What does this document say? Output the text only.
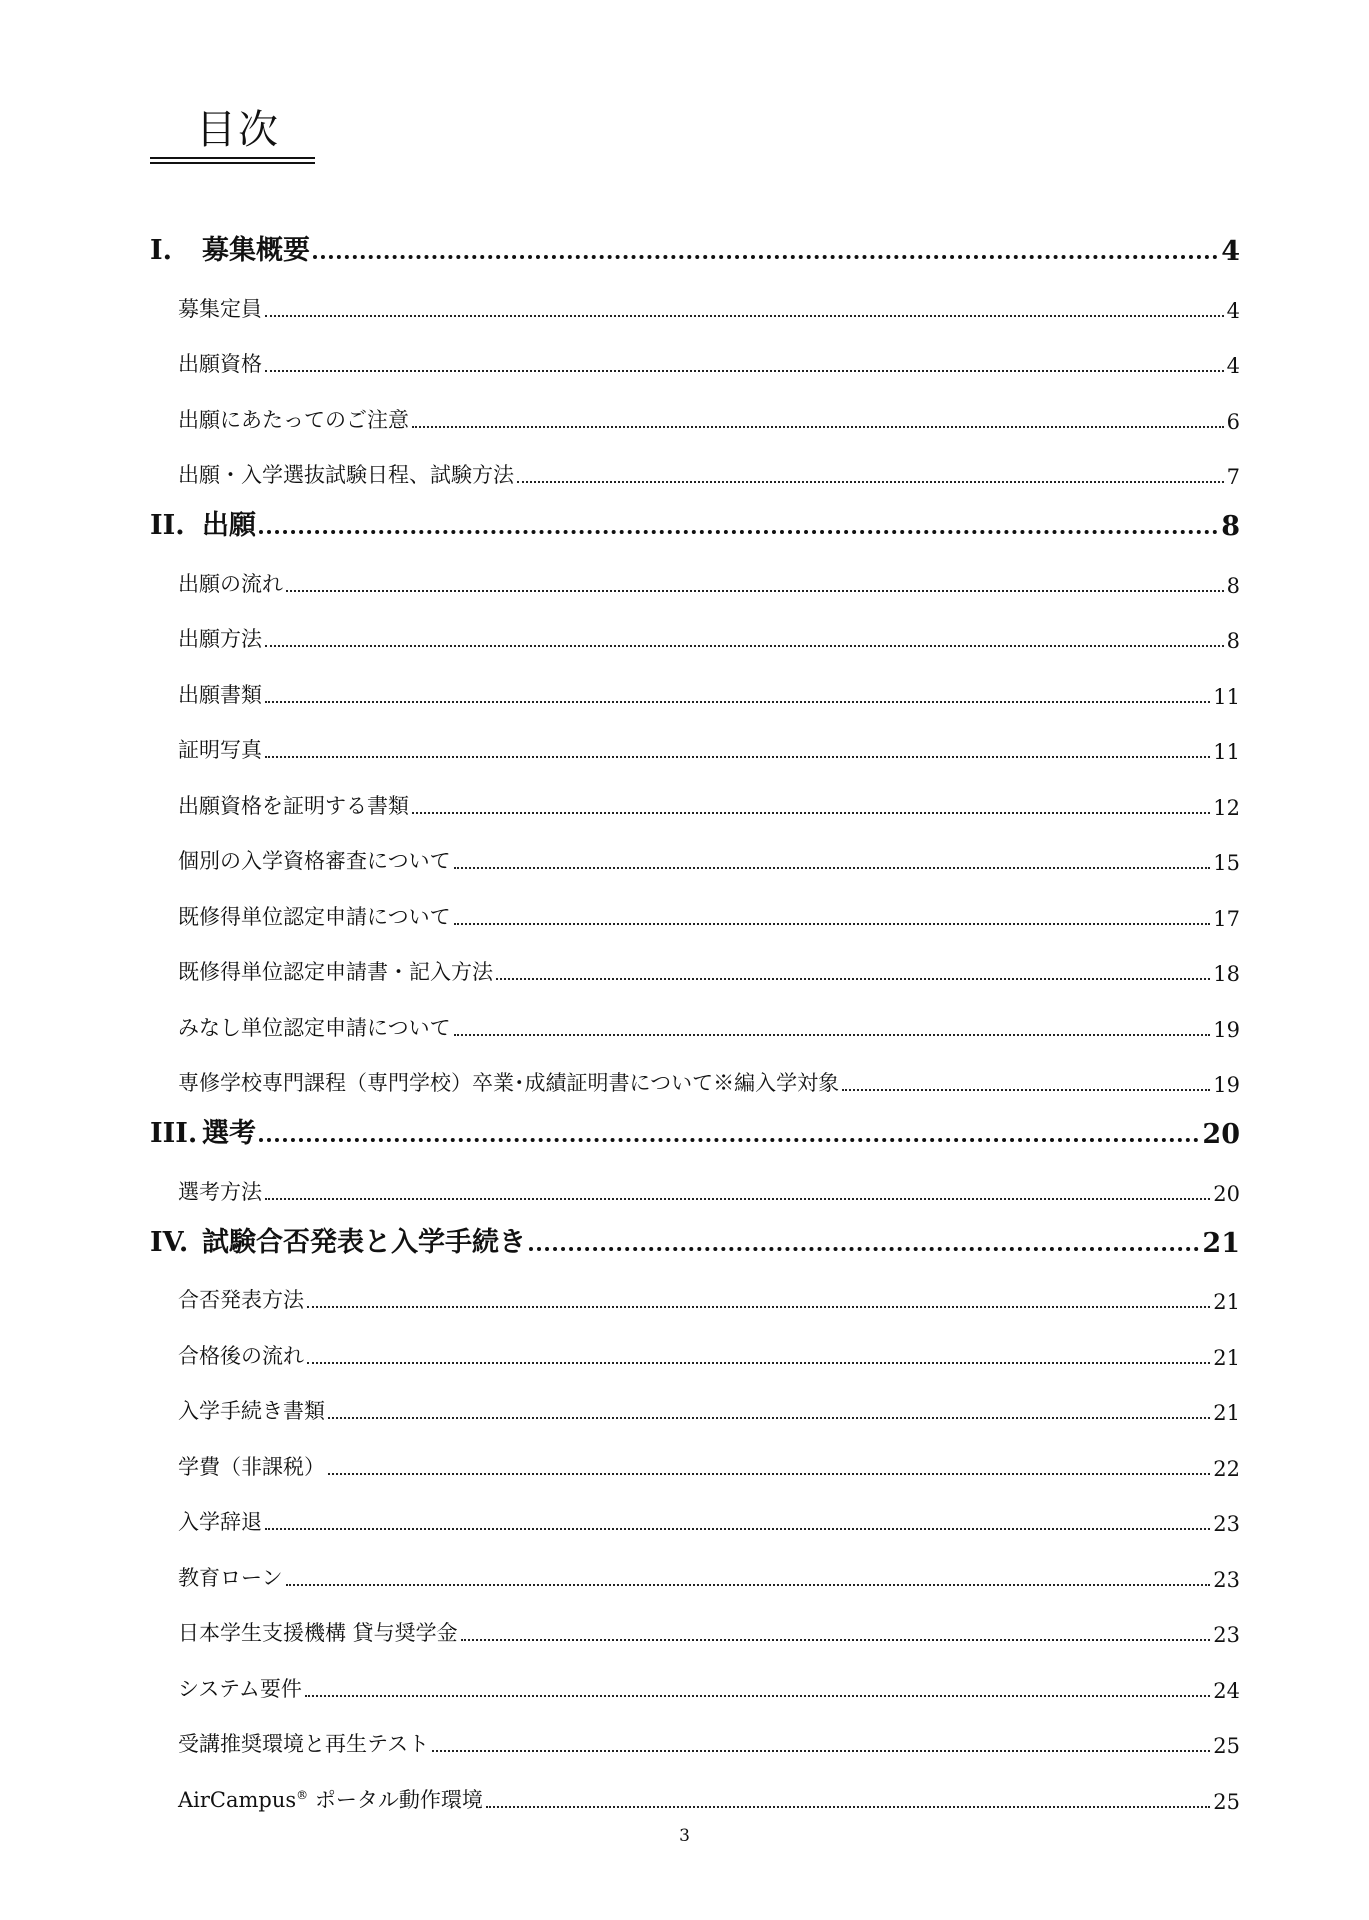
目次
I. 募集概要	4
募集定員	4
出願資格	4
出願にあたってのご注意	6
出願・入学選抜試験日程、試験方法	7
II. 出願	8
出願の流れ	8
出願方法	8
出願書類	11
証明写真	11
出願資格を証明する書類	12
個別の入学資格審査について	15
既修得単位認定申請について	17
既修得単位認定申請書・記入方法	18
みなし単位認定申請について	19
専修学校専門課程（専門学校）卒業･成績証明書について※編入学対象	19
III. 選考	20
選考方法	20
IV. 試験合否発表と入学手続き	21
合否発表方法	21
合格後の流れ	21
入学手続き書類	21
学費（非課税）	22
入学辞退	23
教育ローン	23
日本学生支援機構 貸与奨学金	23
システム要件	24
受講推奨環境と再生テスト	25
AirCampus® ポータル動作環境	25
3
